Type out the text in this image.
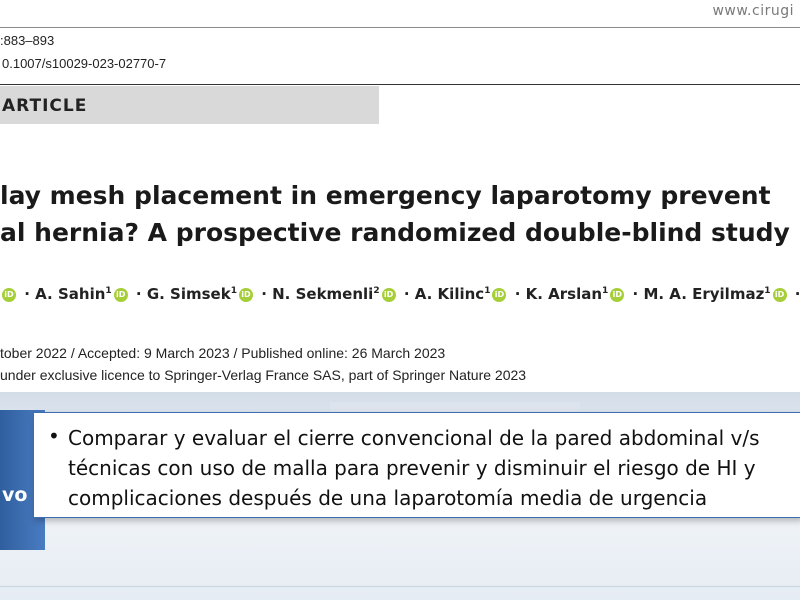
www.cirugi
:883–893
0.1007/s10029-023-02770-7
ARTICLE
lay mesh placement in emergency laparotomy prevent
al hernia? A prospective randomized double-blind study
iD · A. Sahin$^1$ iD · G. Simsek$^1$ iD · N. Sekmenli$^2$ iD · A. Kilinc$^1$ iD · K. Arslan$^1$ iD · M. A. Eryilmaz$^1$ iD ·
tober 2022 / Accepted: 9 March 2023 / Published online: 26 March 2023
under exclusive licence to Springer-Verlag France SAS, part of Springer Nature 2023
vo
• Comparar y evaluar el cierre convencional de la pared abdominal v/s
técnicas con uso de malla para prevenir y disminuir el riesgo de HI y
complicaciones después de una laparotomía media de urgencia
